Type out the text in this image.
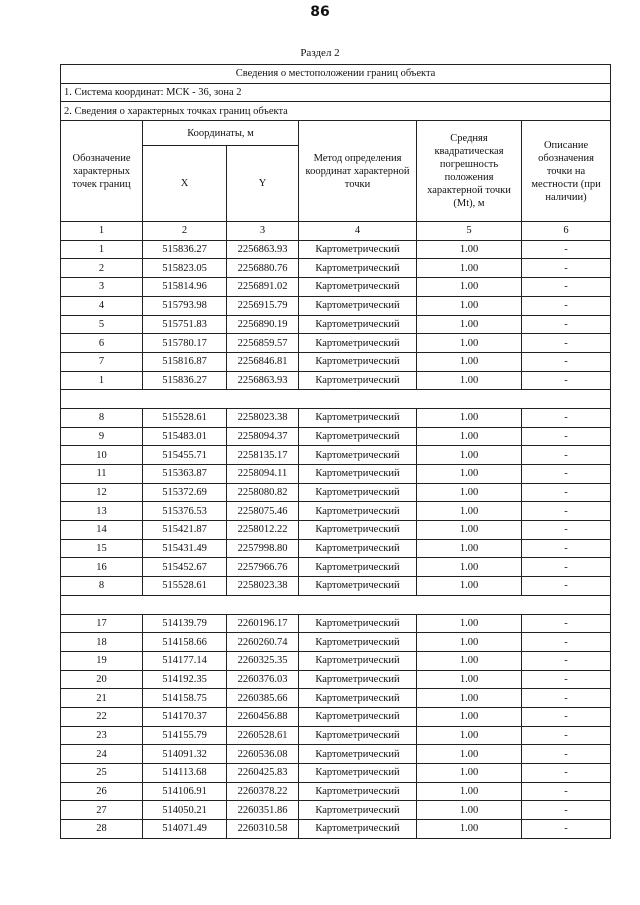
86
Раздел 2
Сведения о местоположении границ объекта					
1. Система координат: МСК - 36, зона 2					
2. Сведения о характерных точках границ объекта					
Обозначение характерных точек границ	Координаты, м		Метод определения координат характерной точки	Средняя квадратическая погрешность положения характерной точки (Mt), м	Описание обозначения точки на местности (при наличии)
	X	Y			
1	2	3	4	5	6
1	515836.27	2256863.93	Картометрический	1.00	-
2	515823.05	2256880.76	Картометрический	1.00	-
3	515814.96	2256891.02	Картометрический	1.00	-
4	515793.98	2256915.79	Картометрический	1.00	-
5	515751.83	2256890.19	Картометрический	1.00	-
6	515780.17	2256859.57	Картометрический	1.00	-
7	515816.87	2256846.81	Картометрический	1.00	-
1	515836.27	2256863.93	Картометрический	1.00	-

8	515528.61	2258023.38	Картометрический	1.00	-
9	515483.01	2258094.37	Картометрический	1.00	-
10	515455.71	2258135.17	Картометрический	1.00	-
11	515363.87	2258094.11	Картометрический	1.00	-
12	515372.69	2258080.82	Картометрический	1.00	-
13	515376.53	2258075.46	Картометрический	1.00	-
14	515421.87	2258012.22	Картометрический	1.00	-
15	515431.49	2257998.80	Картометрический	1.00	-
16	515452.67	2257966.76	Картометрический	1.00	-
8	515528.61	2258023.38	Картометрический	1.00	-

17	514139.79	2260196.17	Картометрический	1.00	-
18	514158.66	2260260.74	Картометрический	1.00	-
19	514177.14	2260325.35	Картометрический	1.00	-
20	514192.35	2260376.03	Картометрический	1.00	-
21	514158.75	2260385.66	Картометрический	1.00	-
22	514170.37	2260456.88	Картометрический	1.00	-
23	514155.79	2260528.61	Картометрический	1.00	-
24	514091.32	2260536.08	Картометрический	1.00	-
25	514113.68	2260425.83	Картометрический	1.00	-
26	514106.91	2260378.22	Картометрический	1.00	-
27	514050.21	2260351.86	Картометрический	1.00	-
28	514071.49	2260310.58	Картометрический	1.00	-
